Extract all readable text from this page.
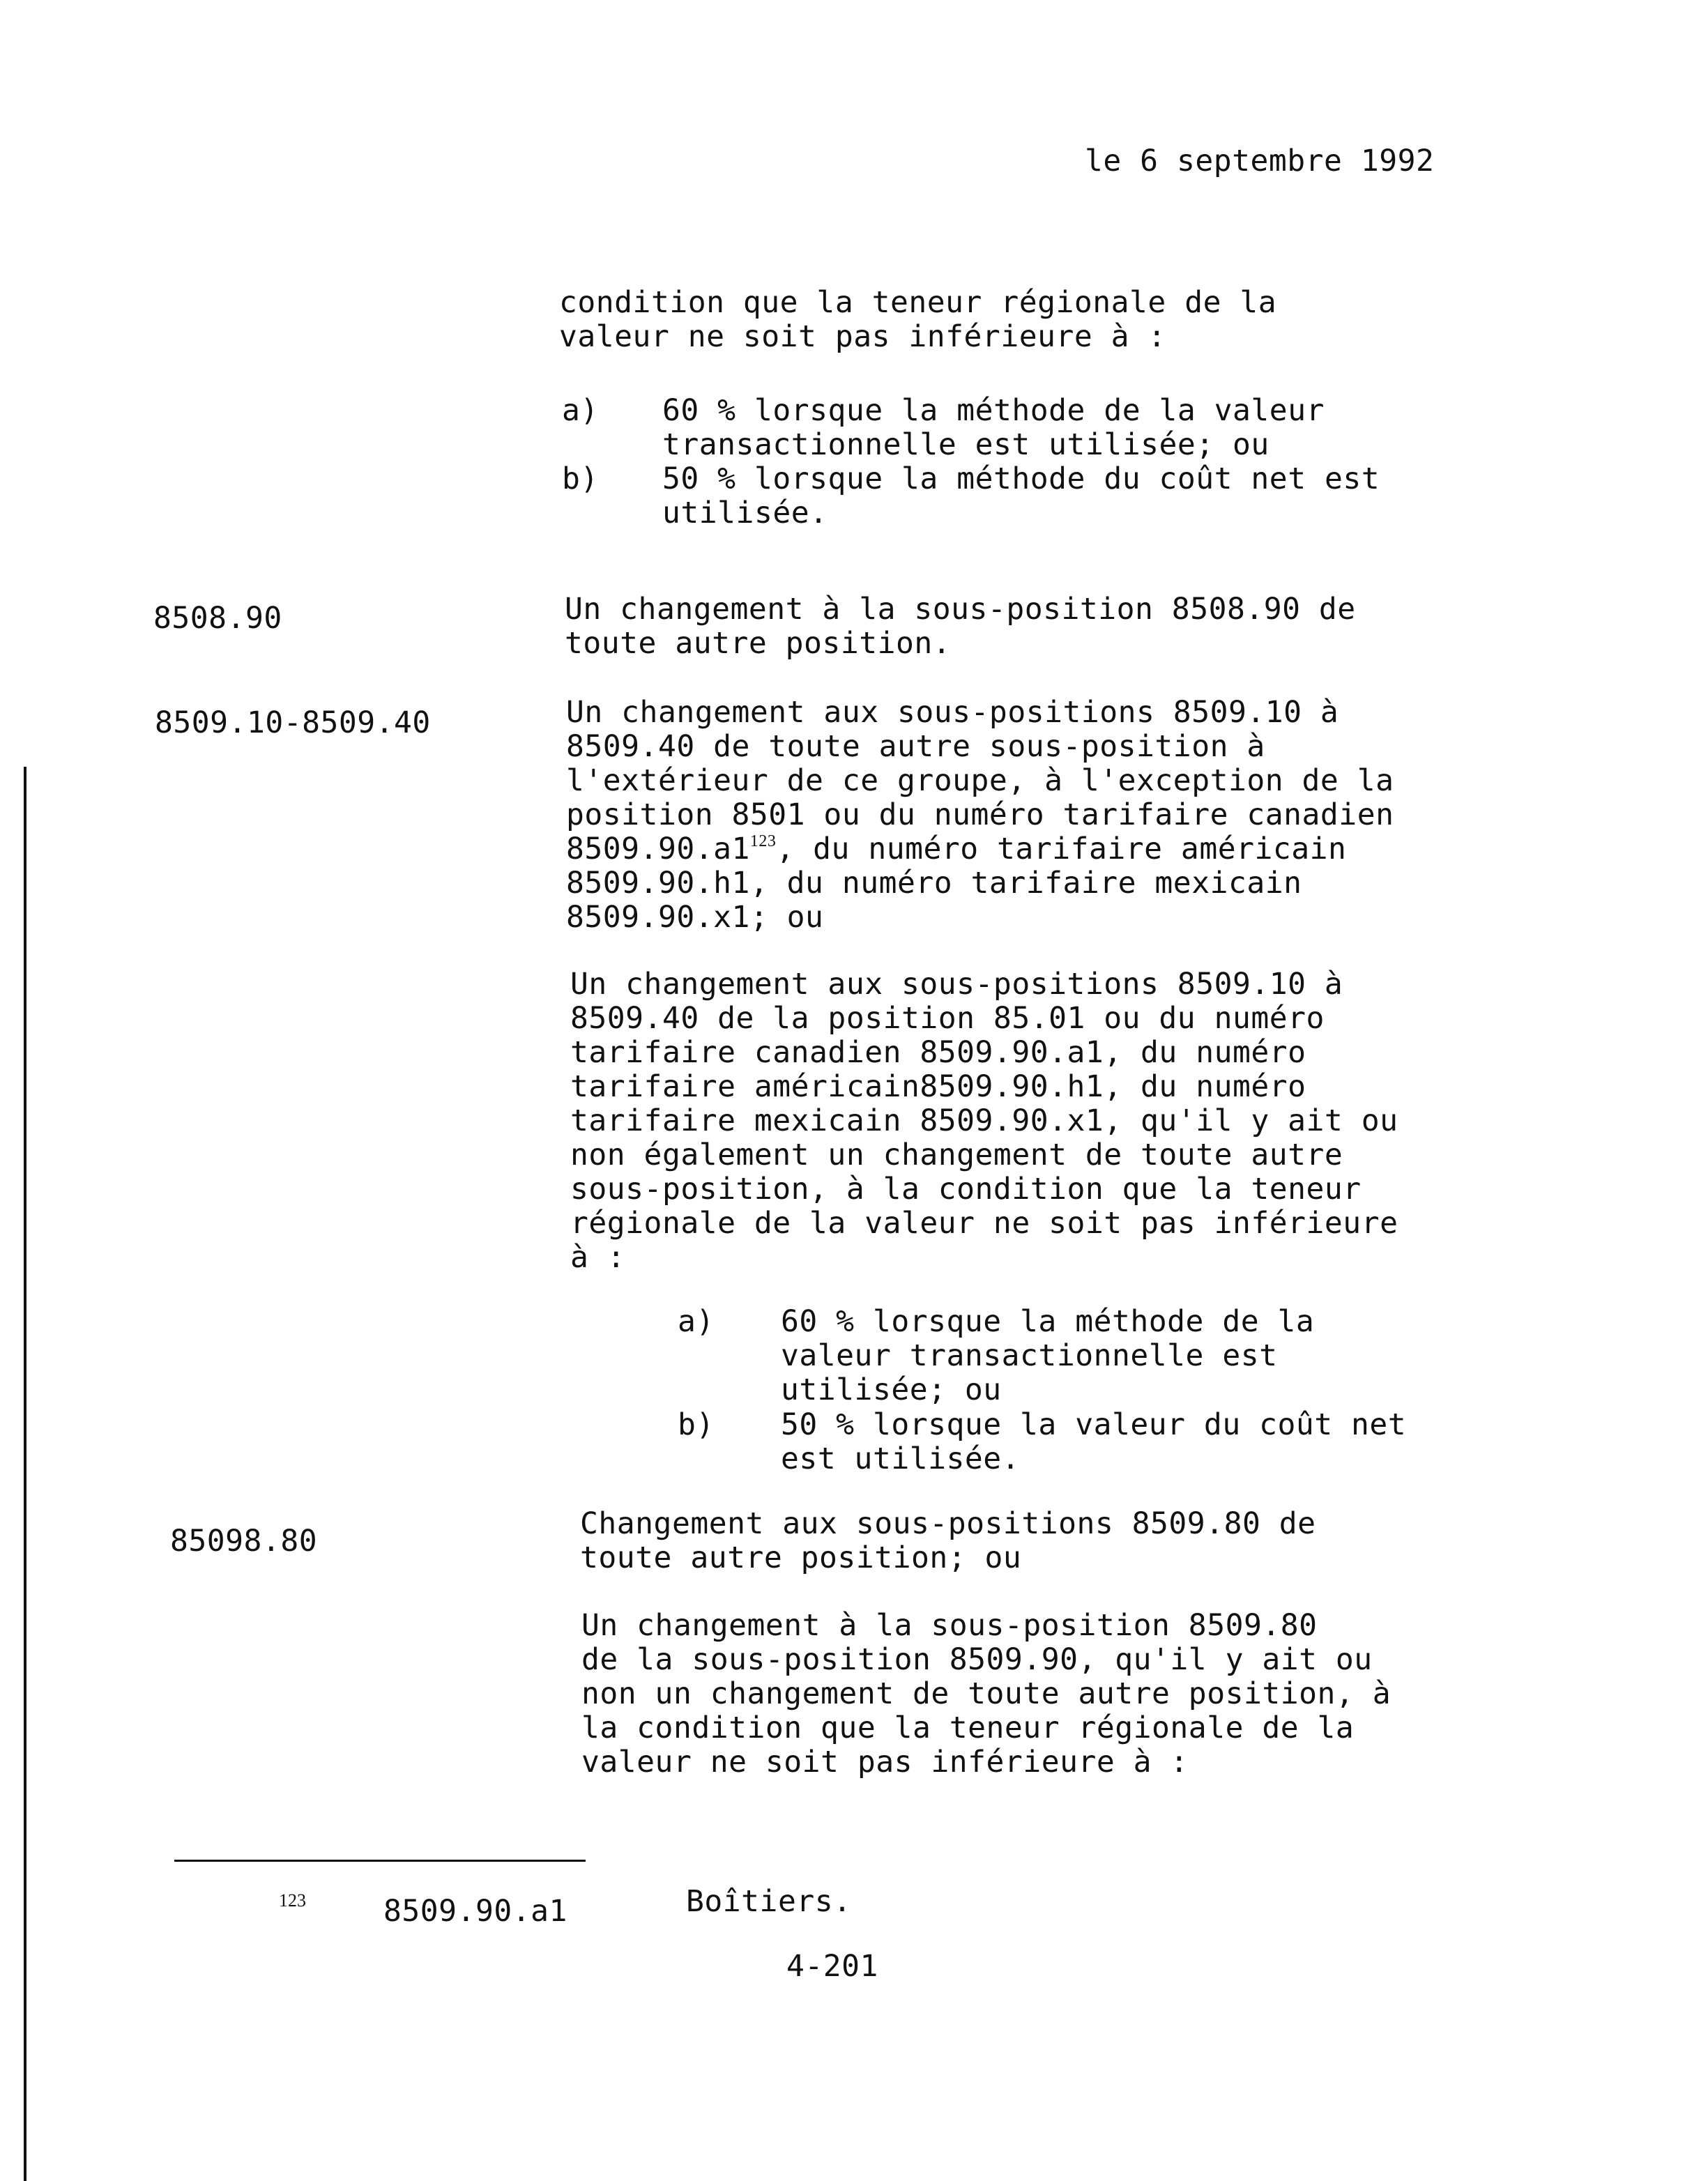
le 6 septembre 1992
condition que la teneur régionale de la
valeur ne soit pas inférieure à :
a) 60 % lorsque la méthode de la valeur
transactionnelle est utilisée; ou
b) 50 % lorsque la méthode du coût net est
utilisée.
8508.90	Un changement à la sous-position 8508.90 de
toute autre position.
8509.10-8509.40	Un changement aux sous-positions 8509.10 à
8509.40 de toute autre sous-position à
l'extérieur de ce groupe, à l'exception de la
position 8501 ou du numéro tarifaire canadien
$8509.90.a1^{123}$, du numéro tarifaire américain
8509.90.h1, du numéro tarifaire mexicain
8509.90.x1; ou
Un changement aux sous-positions 8509.10 à
8509.40 de la position 85.01 ou du numéro
tarifaire canadien 8509.90.a1, du numéro
tarifaire américain8509.90.h1, du numéro
tarifaire mexicain 8509.90.x1, qu'il y ait ou
non également un changement de toute autre
sous-position, à la condition que la teneur
régionale de la valeur ne soit pas inférieure
à :
a) 60 % lorsque la méthode de la
valeur transactionnelle est
utilisée; ou
b) 50 % lorsque la valeur du coût net
est utilisée.
85098.80	Changement aux sous-positions 8509.80 de
toute autre position; ou
Un changement à la sous-position 8509.80
de la sous-position 8509.90, qu'il y ait ou
non un changement de toute autre position, à
la condition que la teneur régionale de la
valeur ne soit pas inférieure à :
123	8509.90.a1	Boîtiers.
4-201
